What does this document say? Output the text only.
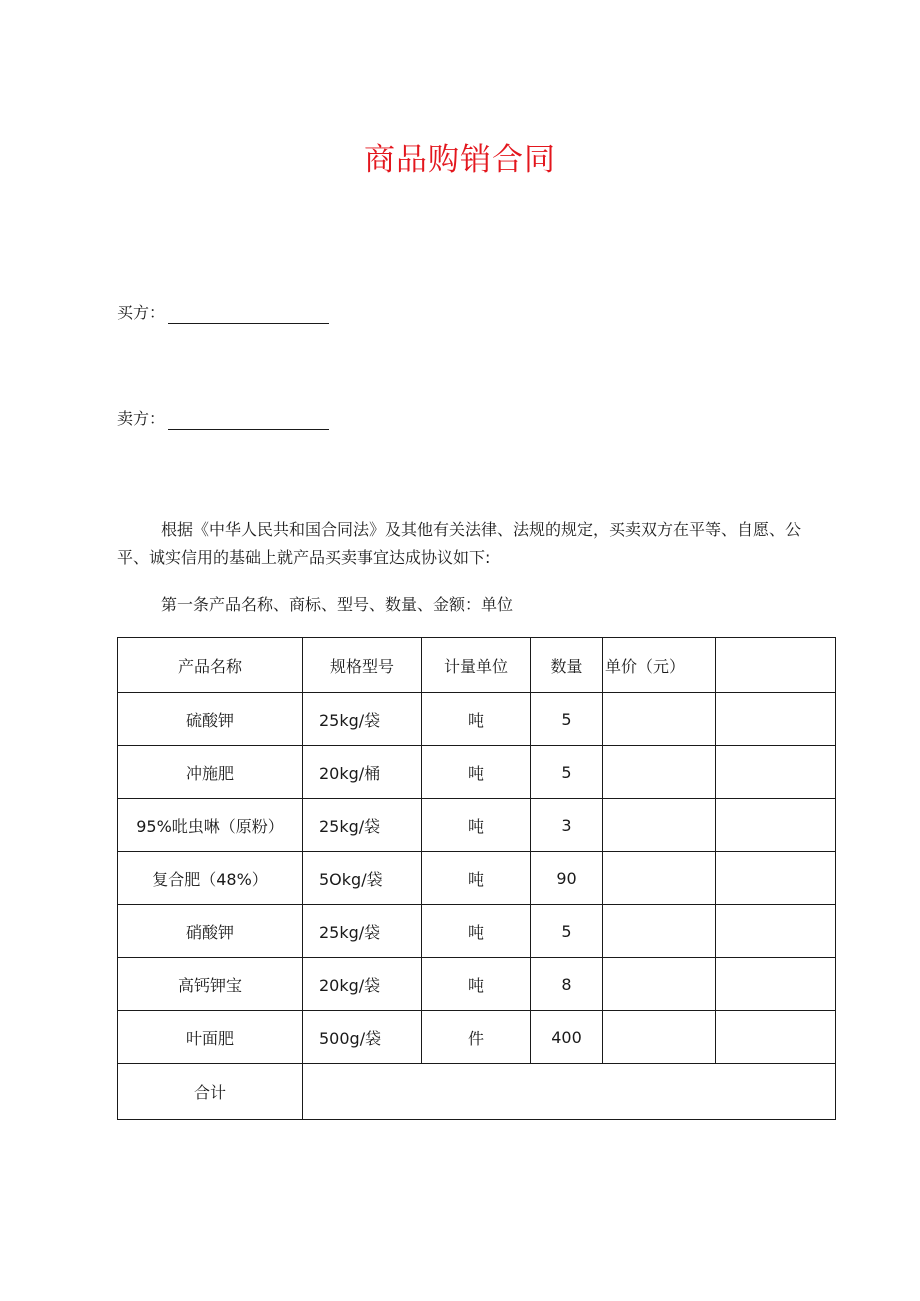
商品购销合同
买方：
卖方：

根据《中华人民共和国合同法》及其他有关法律、法规的规定，买卖双方在平等、自愿、公平、诚实信用的基础上就产品买卖事宜达成协议如下:

第一条产品名称、商标、型号、数量、金额：单位

产品名称	规格型号	计量单位	数量	单价（元）	
硫酸钾	25kg/袋	吨	5		
冲施肥	20kg/桶	吨	5		
95%吡虫啉（原粉）	25kg/袋	吨	3		
复合肥（48%）	5Okg/袋	吨	90		
硝酸钾	25kg/袋	吨	5		
高钙钾宝	20kg/袋	吨	8		
叶面肥	500g/袋	件	400		
合计					
